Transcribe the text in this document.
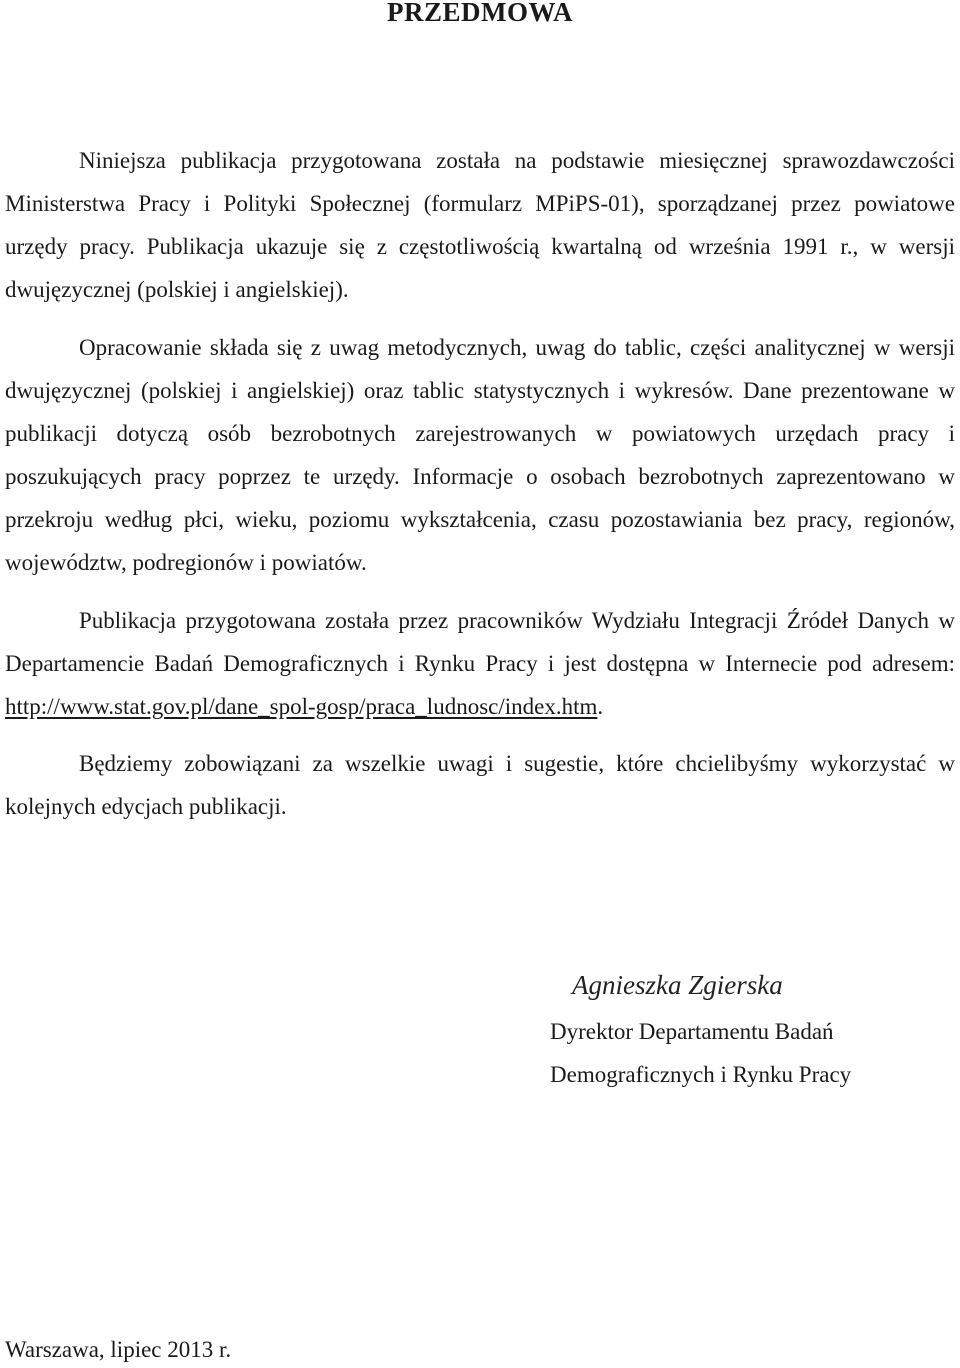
PRZEDMOWA

Niniejsza publikacja przygotowana została na podstawie miesięcznej sprawozdawczości Ministerstwa Pracy i Polityki Społecznej (formularz MPiPS-01), sporządzanej przez powiatowe urzędy pracy. Publikacja ukazuje się z częstotliwością kwartalną od września 1991 r., w wersji dwujęzycznej (polskiej i angielskiej).

Opracowanie składa się z uwag metodycznych, uwag do tablic, części analitycznej w wersji dwujęzycznej (polskiej i angielskiej) oraz tablic statystycznych i wykresów. Dane prezentowane w publikacji dotyczą osób bezrobotnych zarejestrowanych w powiatowych urzędach pracy i poszukujących pracy poprzez te urzędy. Informacje o osobach bezrobotnych zaprezentowano w przekroju według płci, wieku, poziomu wykształcenia, czasu pozostawiania bez pracy, regionów, województw, podregionów i powiatów.

Publikacja przygotowana została przez pracowników Wydziału Integracji Źródeł Danych w Departamencie Badań Demograficznych i Rynku Pracy i jest dostępna w Internecie pod adresem: http://www.stat.gov.pl/dane_spol-gosp/praca_ludnosc/index.htm.

Będziemy zobowiązani za wszelkie uwagi i sugestie, które chcielibyśmy wykorzystać w kolejnych edycjach publikacji.

Agnieszka Zgierska

Dyrektor Departamentu Badań

Demograficznych i Rynku Pracy

Warszawa, lipiec 2013 r.
